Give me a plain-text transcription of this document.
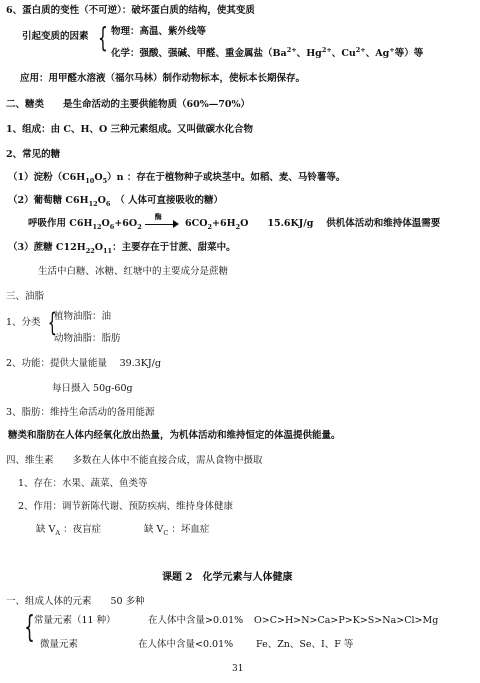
6、蛋白质的变性（不可逆）：破坏蛋白质的结构，使其变质
引起变质的因素 { 物理：高温、紫外线等
化学：强酸、强碱、甲醛、重金属盐（$Ba^{2+}$、$Hg^{2+}$、$Cu^{2+}$、Ag+等）等
应用：用甲醛水溶液（福尔马林）制作动物标本，使标本长期保存。
二、糖类　　是生命活动的主要供能物质（60%—70%）
1、组成：由 C、H、O 三种元素组成。又叫做碳水化合物
2、常见的糖
（1）淀粉$(C6H_{10}O_5)n$ ：存在于植物种子或块茎中。如稻、麦、马铃薯等。
（2）葡萄糖 $C6H_{12}O_6$　 （ 人体可直接吸收的糖）
呼吸作用 $C6H_{12}O_6+6O_2$
酶
$6CO_2+6H_2O$　　15.6KJ/g　 供机体活动和维持体温需要
（3）蔗糖 $C12H_{22}O_{11}$：主要存在于甘蔗、甜菜中。
生活中白糖、冰糖、红塘中的主要成分是蔗糖
三、油脂
1、分类 {
植物油脂：油
动物油脂：脂肪
2、功能：提供大量能量　 39.3KJ/g
每日摄入 50g-60g
3、脂肪：维持生命活动的备用能源
糖类和脂肪在人体内经氧化放出热量，为机体活动和维持恒定的体温提供能量。
四、维生素　　多数在人体中不能直接合成，需从食物中摄取
1、存在：水果、蔬菜、鱼类等
2、作用：调节新陈代谢、预防疾病、维持身体健康
缺 $V_A$ ：夜盲症	缺 $V_C$ ：坏血症
课题 2　化学元素与人体健康
一、组成人体的元素　　50 多种
{ 常量元素（11 种）	在人体中含量>0.01% O>C>H>N>Ca>P>K>S>Na>Cl>Mg
微量元素	在人体中含量<0.01% Fe、Zn、Se、I、F 等
31
